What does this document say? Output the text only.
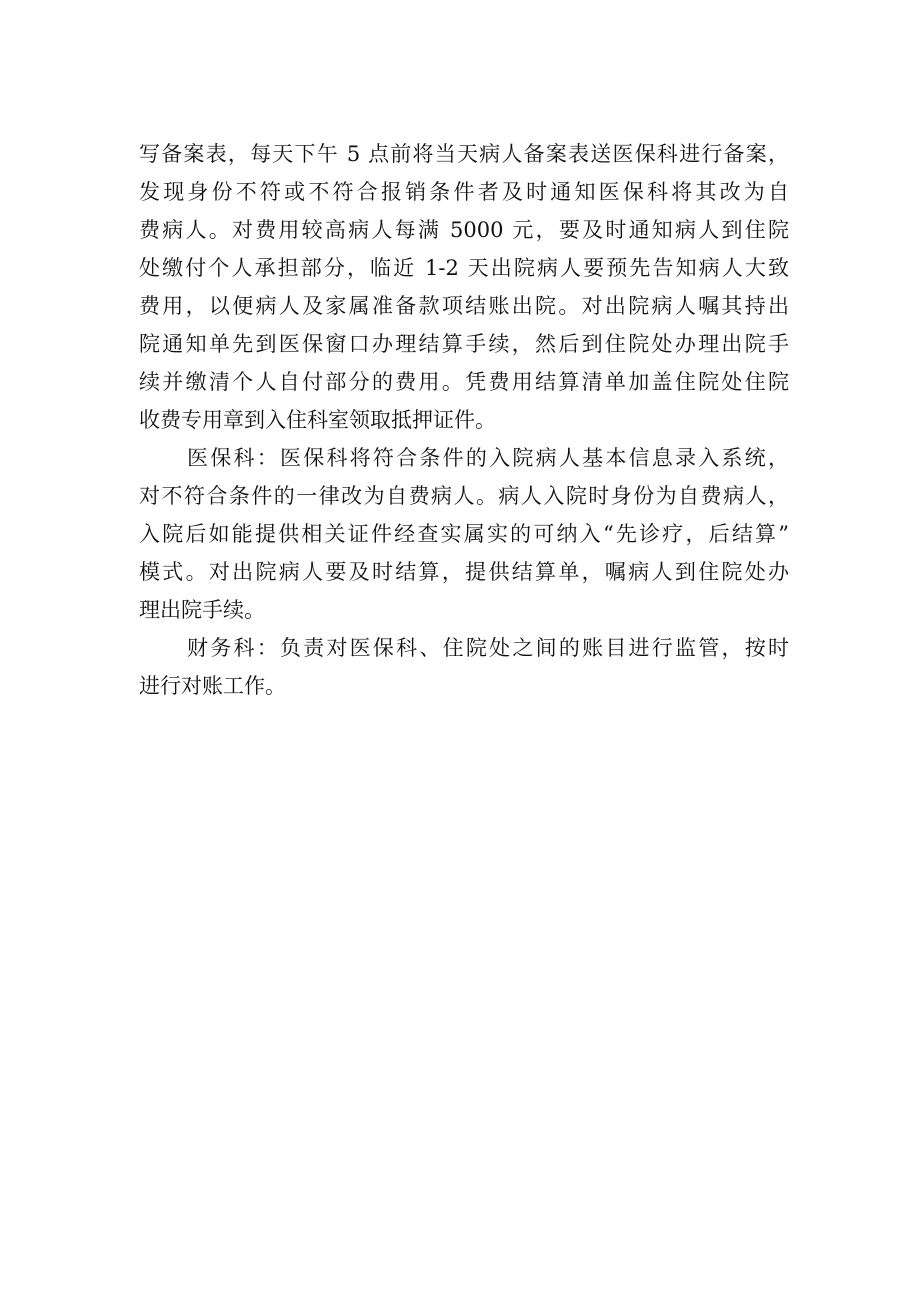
写备案表，每天下午 5 点前将当天病人备案表送医保科进行备案，
发现身份不符或不符合报销条件者及时通知医保科将其改为自
费病人。对费用较高病人每满 5000 元，要及时通知病人到住院
处缴付个人承担部分，临近 1-2 天出院病人要预先告知病人大致
费用，以便病人及家属准备款项结账出院。对出院病人嘱其持出
院通知单先到医保窗口办理结算手续，然后到住院处办理出院手
续并缴清个人自付部分的费用。凭费用结算清单加盖住院处住院
收费专用章到入住科室领取抵押证件。

医保科：医保科将符合条件的入院病人基本信息录入系统，
对不符合条件的一律改为自费病人。病人入院时身份为自费病人，
入院后如能提供相关证件经查实属实的可纳入“先诊疗，后结算”
模式。对出院病人要及时结算，提供结算单，嘱病人到住院处办
理出院手续。

财务科：负责对医保科、住院处之间的账目进行监管，按时
进行对账工作。
